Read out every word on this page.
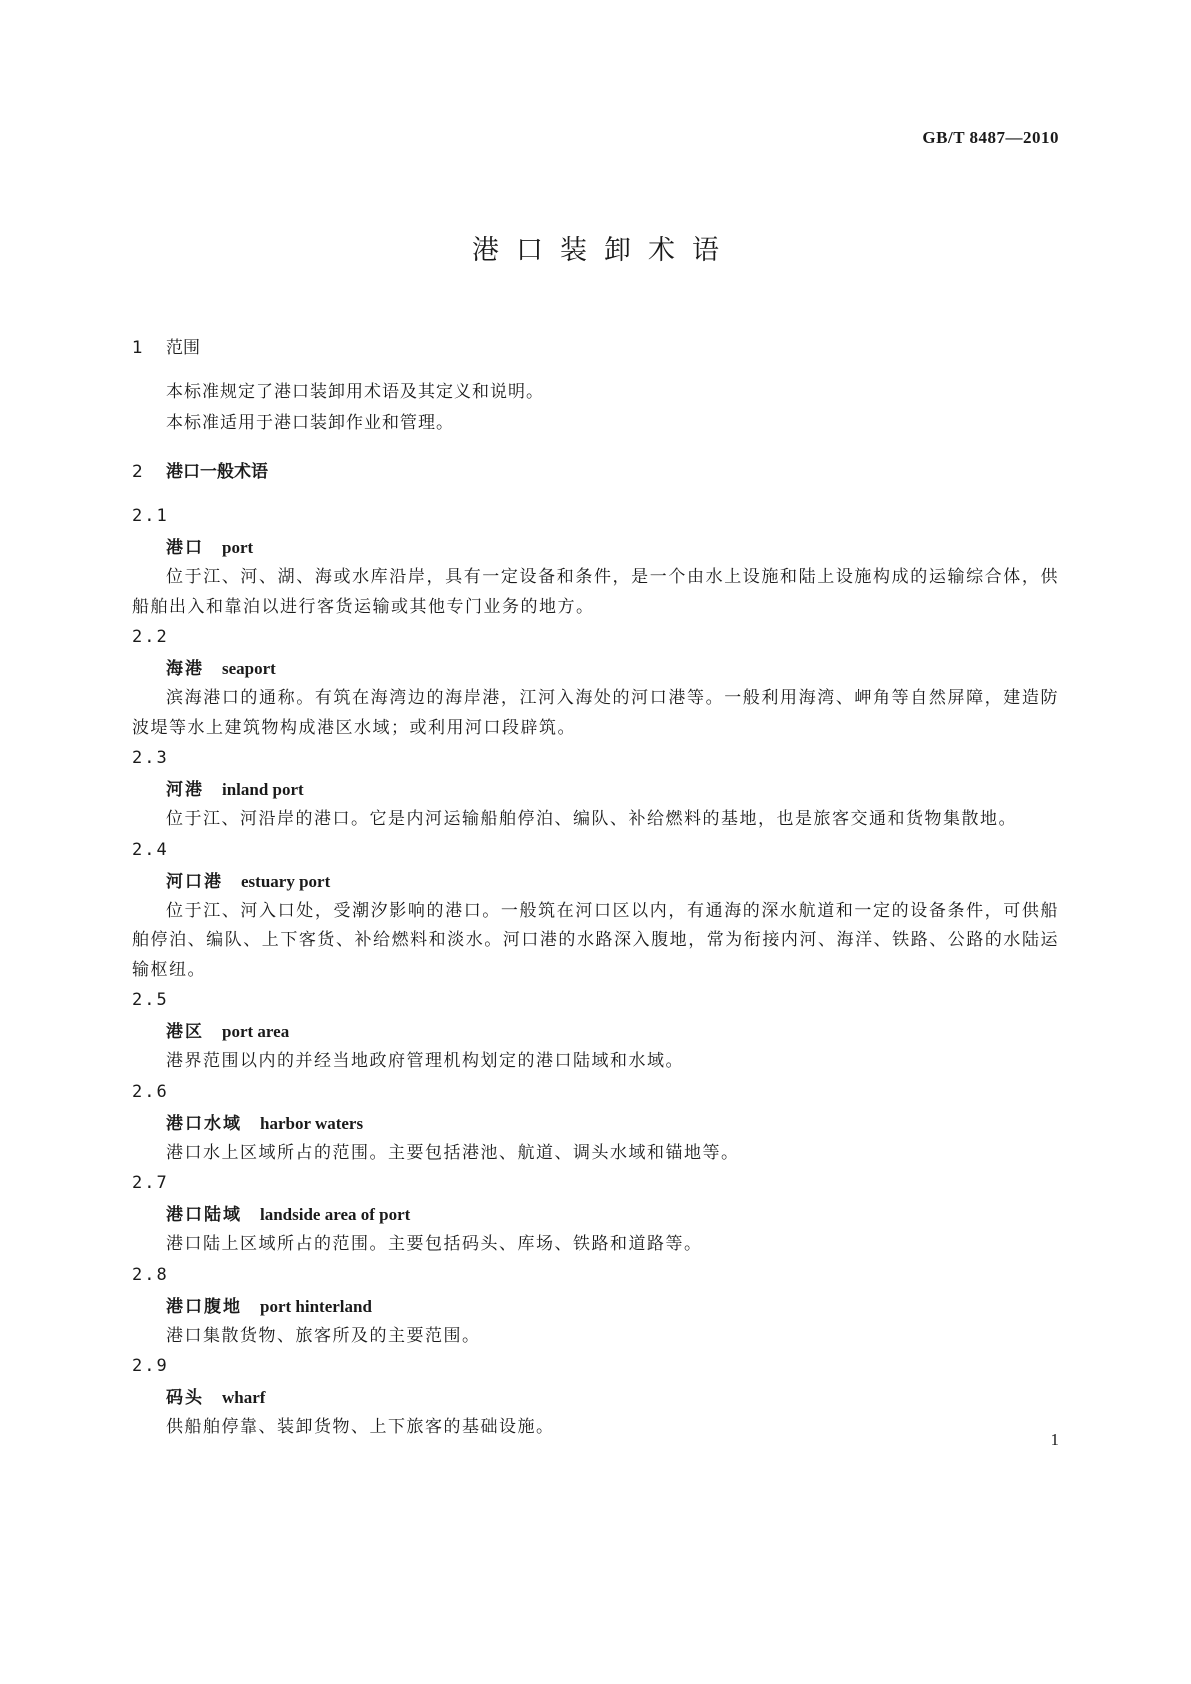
GB/T 8487—2010
港口装卸术语
1 范围
本标准规定了港口装卸用术语及其定义和说明。
本标准适用于港口装卸作业和管理。
2 港口一般术语
2.1
港口 port
位于江、河、湖、海或水库沿岸，具有一定设备和条件，是一个由水上设施和陆上设施构成的运输综合体，供船舶出入和靠泊以进行客货运输或其他专门业务的地方。
2.2
海港 seaport
滨海港口的通称。有筑在海湾边的海岸港，江河入海处的河口港等。一般利用海湾、岬角等自然屏障，建造防波堤等水上建筑物构成港区水域；或利用河口段辟筑。
2.3
河港 inland port
位于江、河沿岸的港口。它是内河运输船舶停泊、编队、补给燃料的基地，也是旅客交通和货物集散地。
2.4
河口港 estuary port
位于江、河入口处，受潮汐影响的港口。一般筑在河口区以内，有通海的深水航道和一定的设备条件，可供船舶停泊、编队、上下客货、补给燃料和淡水。河口港的水路深入腹地，常为衔接内河、海洋、铁路、公路的水陆运输枢纽。
2.5
港区 port area
港界范围以内的并经当地政府管理机构划定的港口陆域和水域。
2.6
港口水域 harbor waters
港口水上区域所占的范围。主要包括港池、航道、调头水域和锚地等。
2.7
港口陆域 landside area of port
港口陆上区域所占的范围。主要包括码头、库场、铁路和道路等。
2.8
港口腹地 port hinterland
港口集散货物、旅客所及的主要范围。
2.9
码头 wharf
供船舶停靠、装卸货物、上下旅客的基础设施。
1
